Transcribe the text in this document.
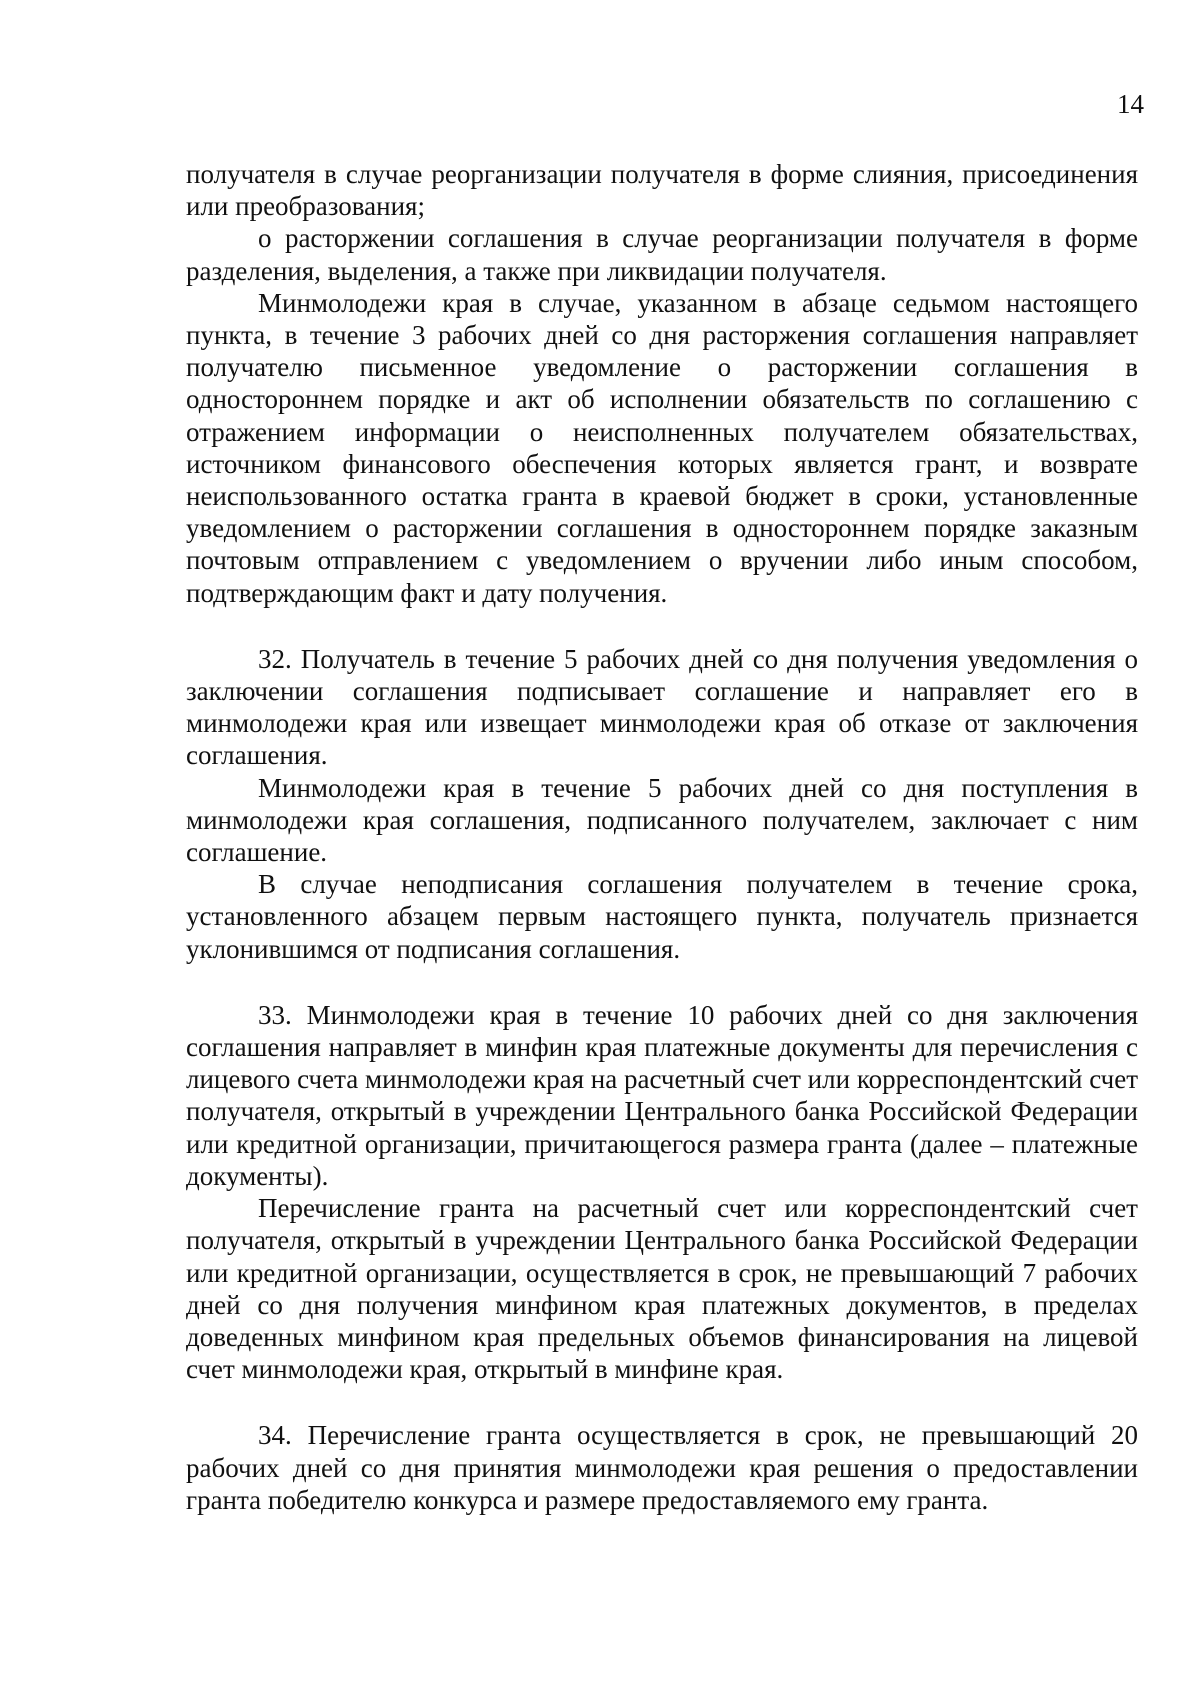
14

получателя в случае реорганизации получателя в форме слияния, присоединения или преобразования;

о расторжении соглашения в случае реорганизации получателя в форме разделения, выделения, а также при ликвидации получателя.

Минмолодежи края в случае, указанном в абзаце седьмом настоящего пункта, в течение 3 рабочих дней со дня расторжения соглашения направляет получателю письменное уведомление о расторжении соглашения в одностороннем порядке и акт об исполнении обязательств по соглашению с отражением информации о неисполненных получателем обязательствах, источником финансового обеспечения которых является грант, и возврате неиспользованного остатка гранта в краевой бюджет в сроки, установленные уведомлением о расторжении соглашения в одностороннем порядке заказным почтовым отправлением с уведомлением о вручении либо иным способом, подтверждающим факт и дату получения.

32. Получатель в течение 5 рабочих дней со дня получения уведомления о заключении соглашения подписывает соглашение и направляет его в минмолодежи края или извещает минмолодежи края об отказе от заключения соглашения.

Минмолодежи края в течение 5 рабочих дней со дня поступления в минмолодежи края соглашения, подписанного получателем, заключает с ним соглашение.

В случае неподписания соглашения получателем в течение срока, установленного абзацем первым настоящего пункта, получатель признается уклонившимся от подписания соглашения.

33. Минмолодежи края в течение 10 рабочих дней со дня заключения соглашения направляет в минфин края платежные документы для перечисления с лицевого счета минмолодежи края на расчетный счет или корреспондентский счет получателя, открытый в учреждении Центрального банка Российской Федерации или кредитной организации, причитающегося размера гранта (далее – платежные документы).

Перечисление гранта на расчетный счет или корреспондентский счет получателя, открытый в учреждении Центрального банка Российской Федерации или кредитной организации, осуществляется в срок, не превышающий 7 рабочих дней со дня получения минфином края платежных документов, в пределах доведенных минфином края предельных объемов финансирования на лицевой счет минмолодежи края, открытый в минфине края.

34. Перечисление гранта осуществляется в срок, не превышающий 20 рабочих дней со дня принятия минмолодежи края решения о предоставлении гранта победителю конкурса и размере предоставляемого ему гранта.
